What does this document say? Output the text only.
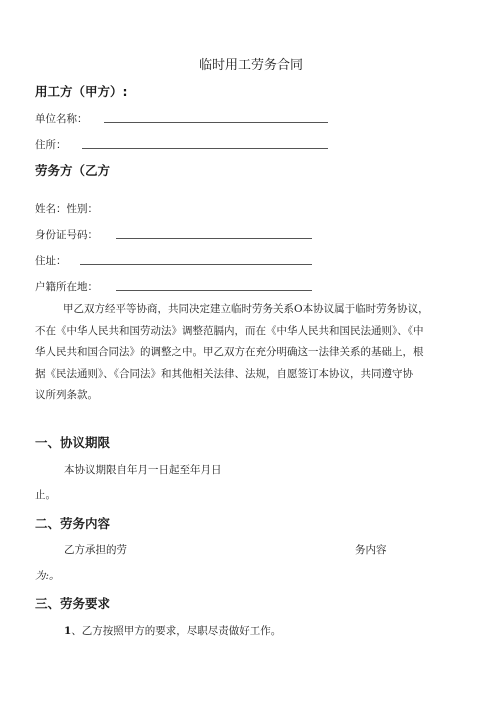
临时用工劳务合同
用工方（甲方）:
单位名称：
住所：
劳务方（乙方
姓名：性别：
身份证号码：
住址：
户籍所在地：
甲乙双方经平等协商，共同决定建立临时劳务关系O本协议属于临时劳务协议，
不在《中华人民共和国劳动法》调整范膈内，而在《中华人民共和国民法通则》、《中
华人民共和国合同法》的调整之中。甲乙双方在充分明确这一法律关系的基础上，根
据《民法通则》、《合同法》和其他相关法律、法规，自愿签订本协议，共同遵守协
议所列条款。
一、协议期限
本协议期限自年月一日起至年月日
止。
二、劳务内容
乙方承担的劳	务内容
为:。
三、劳务要求
1、乙方按照甲方的要求，尽职尽责做好工作。
